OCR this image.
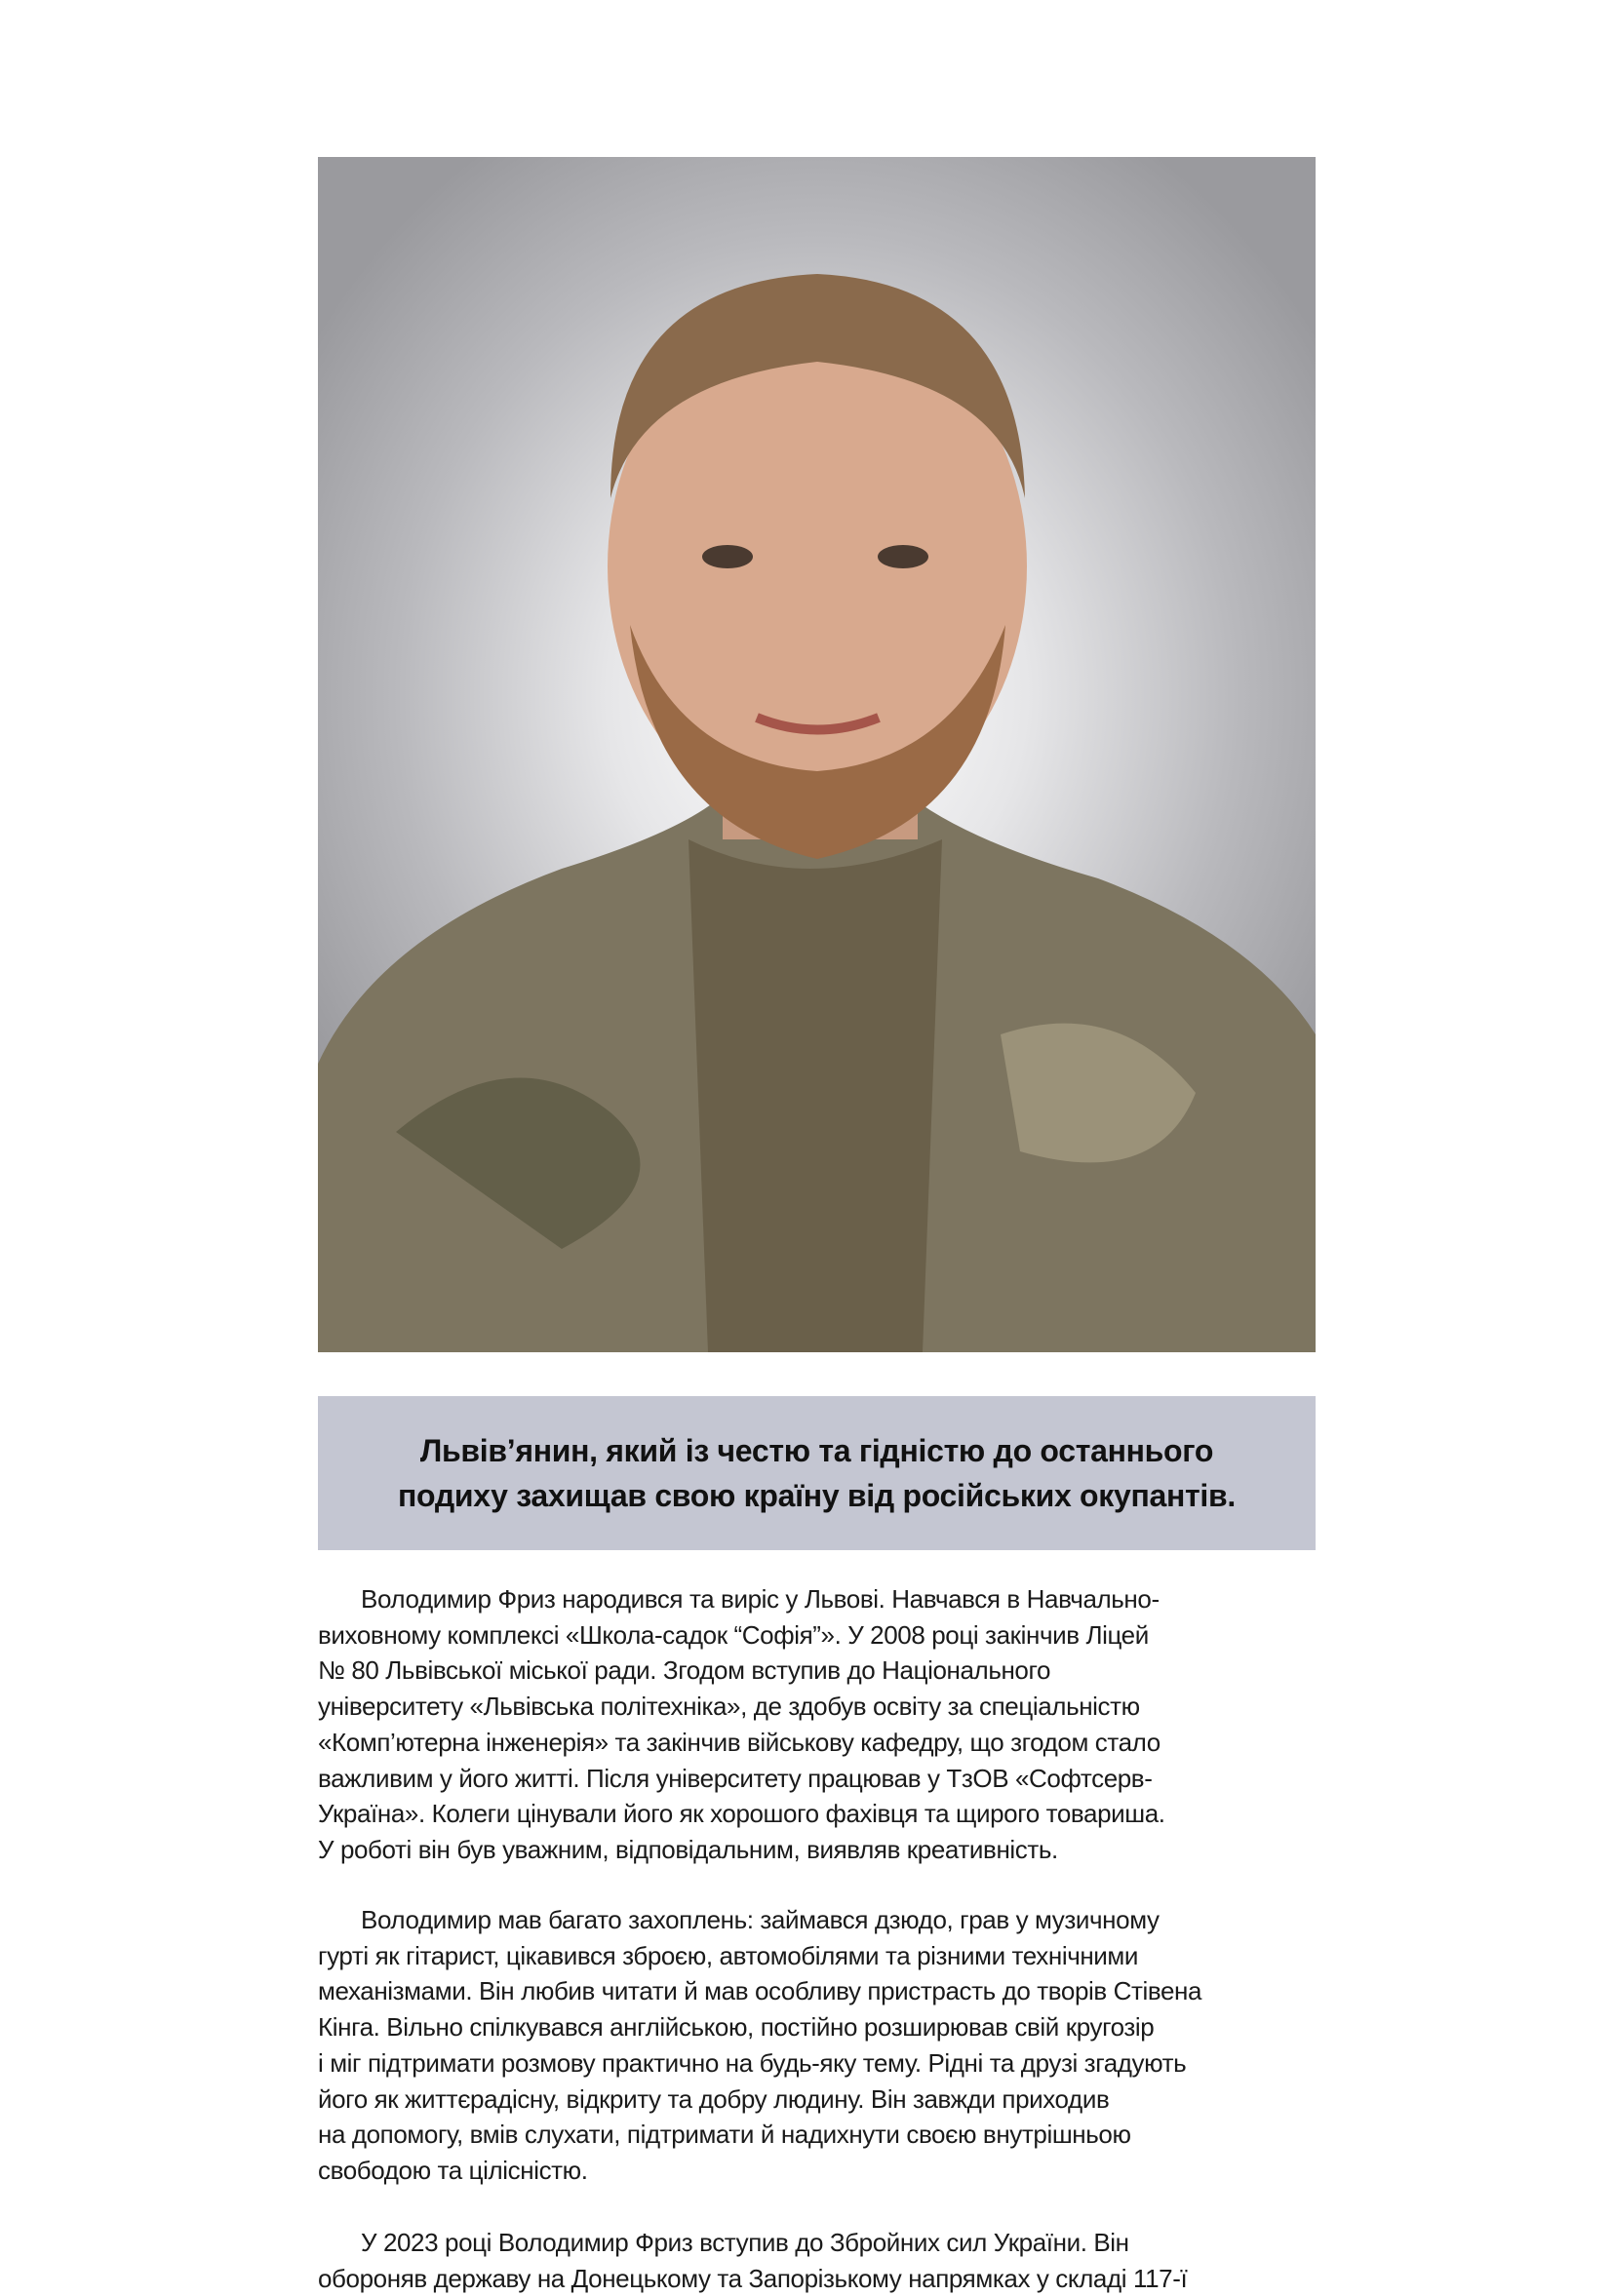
Львів’янин, який із честю та гідністю до останнього
подиху захищав свою країну від російських окупантів.
Володимир Фриз народився та виріс у Львові. Навчався в Навчально-
виховному комплексі «Школа-садок “Софія”». У 2008 році закінчив Ліцей
№ 80 Львівської міської ради. Згодом вступив до Національного
університету «Львівська політехніка», де здобув освіту за спеціальністю
«Комп’ютерна інженерія» та закінчив військову кафедру, що згодом стало
важливим у його житті. Після університету працював у ТзОВ «Софтсерв-
Україна». Колеги цінували його як хорошого фахівця та щирого товариша.
У роботі він був уважним, відповідальним, виявляв креативність.
Володимир мав багато захоплень: займався дзюдо, грав у музичному
гурті як гітарист, цікавився зброєю, автомобілями та різними технічними
механізмами. Він любив читати й мав особливу пристрасть до творів Стівена
Кінга. Вільно спілкувався англійською, постійно розширював свій кругозір
і міг підтримати розмову практично на будь-яку тему. Рідні та друзі згадують
його як життєрадісну, відкриту та добру людину. Він завжди приходив
на допомогу, вмів слухати, підтримати й надихнути своєю внутрішньою
свободою та цілісністю.
У 2023 році Володимир Фриз вступив до Збройних сил України. Він
обороняв державу на Донецькому та Запорізькому напрямках у складі 117-ї
